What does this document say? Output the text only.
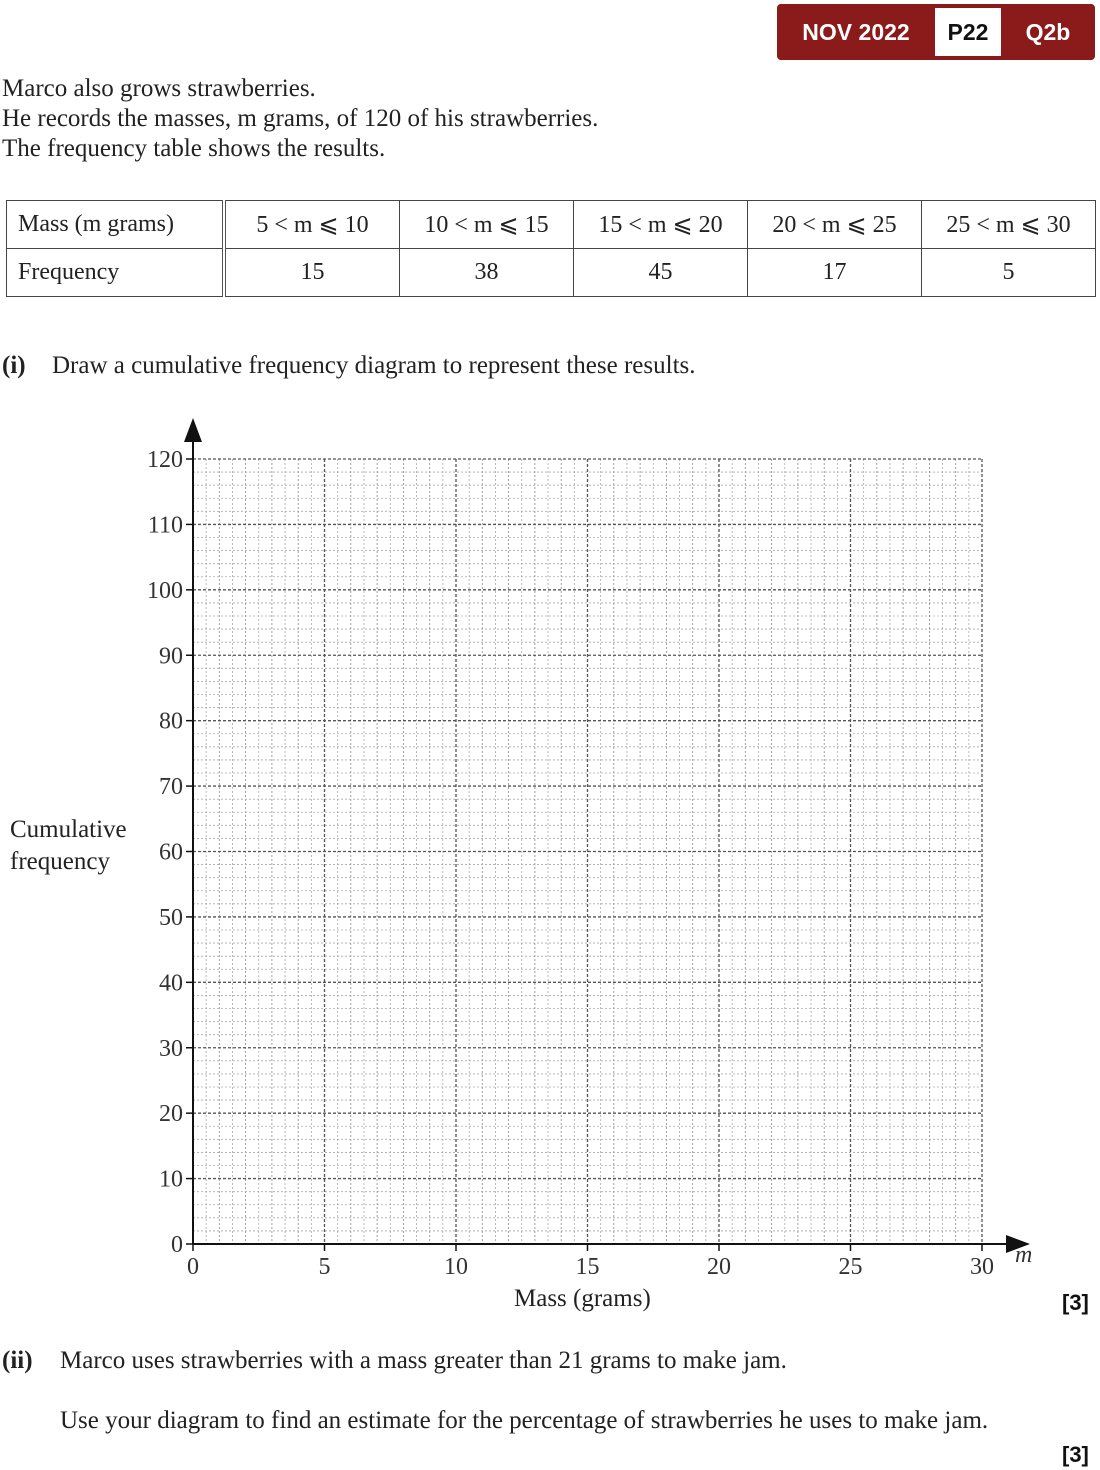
NOV 2022	P22	Q2b

Marco also grows strawberries.

He records the masses, m grams, of 120 of his strawberries.

The frequency table shows the results.

Mass (m grams)	5 < m ⩽ 10	10 < m ⩽ 15	15 < m ⩽ 20	20 < m ⩽ 25	25 < m ⩽ 30
Frequency	15	38	45	17	5
(i) Draw a cumulative frequency diagram to represent these results.
0
10
20
30
40
50
60
70
80
90
100
110
120
0	5	10	15	20	25	30 m
Cumulative frequency
Mass (grams)	[3]
(ii) Marco uses strawberries with a mass greater than 21 grams to make jam.
Use your diagram to find an estimate for the percentage of strawberries he uses to make jam.
[3]
